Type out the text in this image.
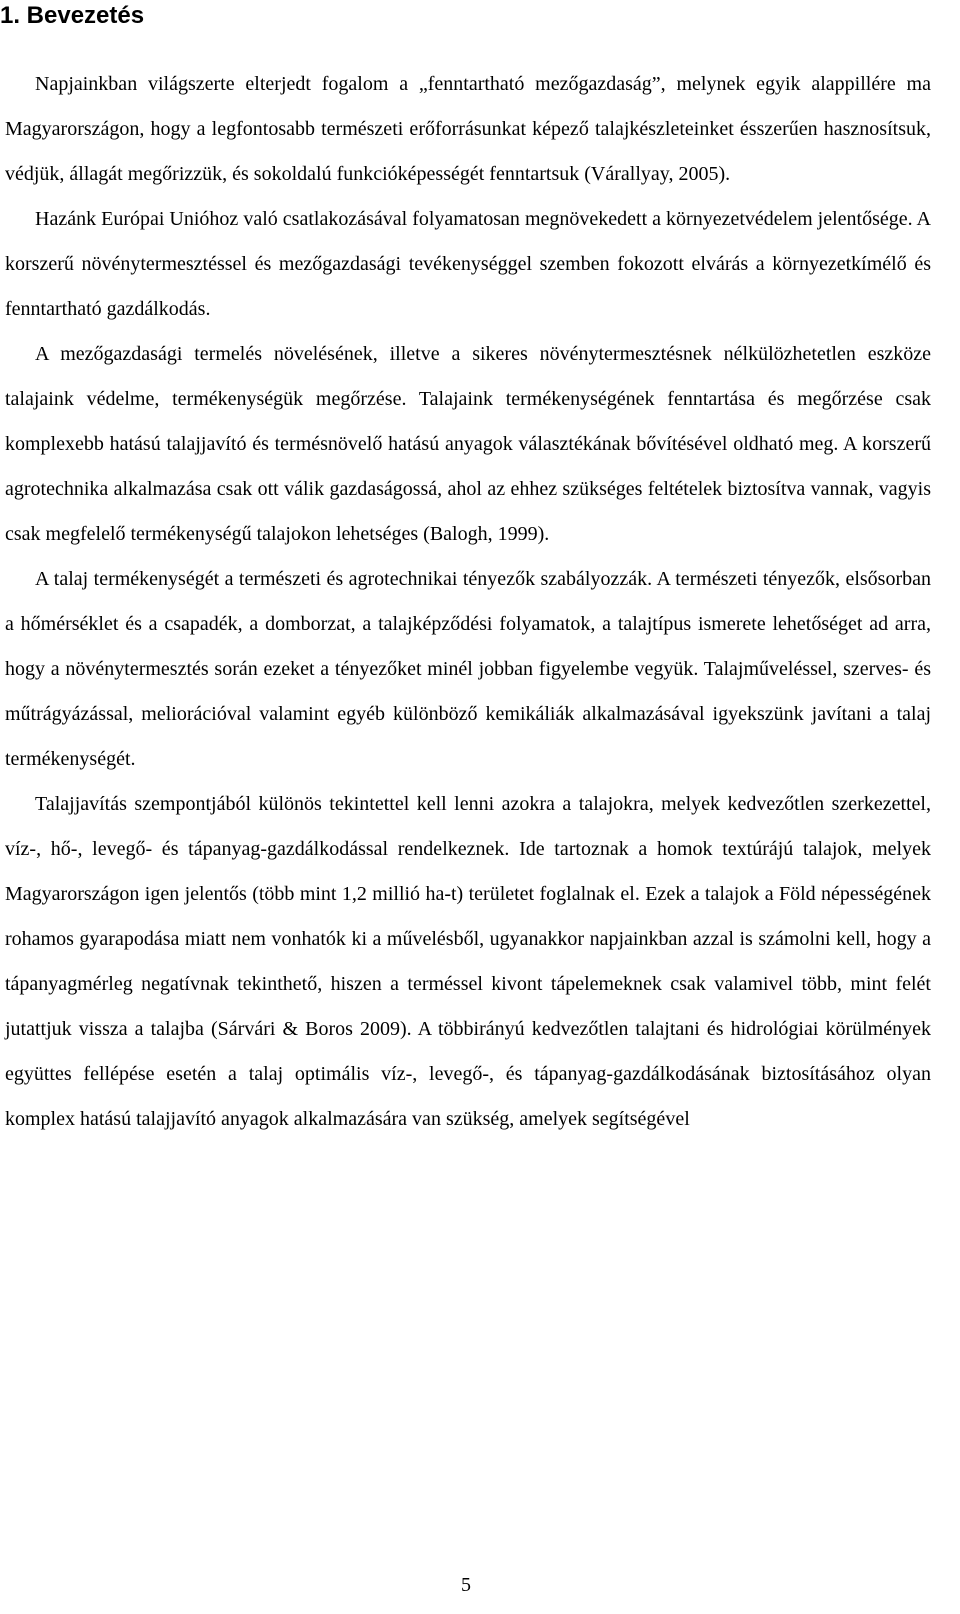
1. Bevezetés

Napjainkban világszerte elterjedt fogalom a „fenntartható mezőgazdaság”, melynek egyik alappillére ma Magyarországon, hogy a legfontosabb természeti erőforrásunkat képező talajkészleteinket ésszerűen hasznosítsuk, védjük, állagát megőrizzük, és sokoldalú funkcióképességét fenntartsuk (Várallyay, 2005).

Hazánk Európai Unióhoz való csatlakozásával folyamatosan megnövekedett a környezetvédelem jelentősége. A korszerű növénytermesztéssel és mezőgazdasági tevékenységgel szemben fokozott elvárás a környezetkímélő és fenntartható gazdálkodás.

A mezőgazdasági termelés növelésének, illetve a sikeres növénytermesztésnek nélkülözhetetlen eszköze talajaink védelme, termékenységük megőrzése. Talajaink termékenységének fenntartása és megőrzése csak komplexebb hatású talajjavító és termésnövelő hatású anyagok választékának bővítésével oldható meg. A korszerű agrotechnika alkalmazása csak ott válik gazdaságossá, ahol az ehhez szükséges feltételek biztosítva vannak, vagyis csak megfelelő termékenységű talajokon lehetséges (Balogh, 1999).

A talaj termékenységét a természeti és agrotechnikai tényezők szabályozzák. A természeti tényezők, elsősorban a hőmérséklet és a csapadék, a domborzat, a talajképződési folyamatok, a talajtípus ismerete lehetőséget ad arra, hogy a növénytermesztés során ezeket a tényezőket minél jobban figyelembe vegyük. Talajműveléssel, szerves- és műtrágyázással, meliorációval valamint egyéb különböző kemikáliák alkalmazásával igyekszünk javítani a talaj termékenységét.

Talajjavítás szempontjából különös tekintettel kell lenni azokra a talajokra, melyek kedvezőtlen szerkezettel, víz-, hő-, levegő- és tápanyag-gazdálkodással rendelkeznek. Ide tartoznak a homok textúrájú talajok, melyek Magyarországon igen jelentős (több mint 1,2 millió ha-t) területet foglalnak el. Ezek a talajok a Föld népességének rohamos gyarapodása miatt nem vonhatók ki a művelésből, ugyanakkor napjainkban azzal is számolni kell, hogy a tápanyagmérleg negatívnak tekinthető, hiszen a terméssel kivont tápelemeknek csak valamivel több, mint felét jutattjuk vissza a talajba (Sárvári & Boros 2009). A többirányú kedvezőtlen talajtani és hidrológiai körülmények együttes fellépése esetén a talaj optimális víz-, levegő-, és tápanyag-gazdálkodásának biztosításához olyan komplex hatású talajjavító anyagok alkalmazására van szükség, amelyek segítségével

5
